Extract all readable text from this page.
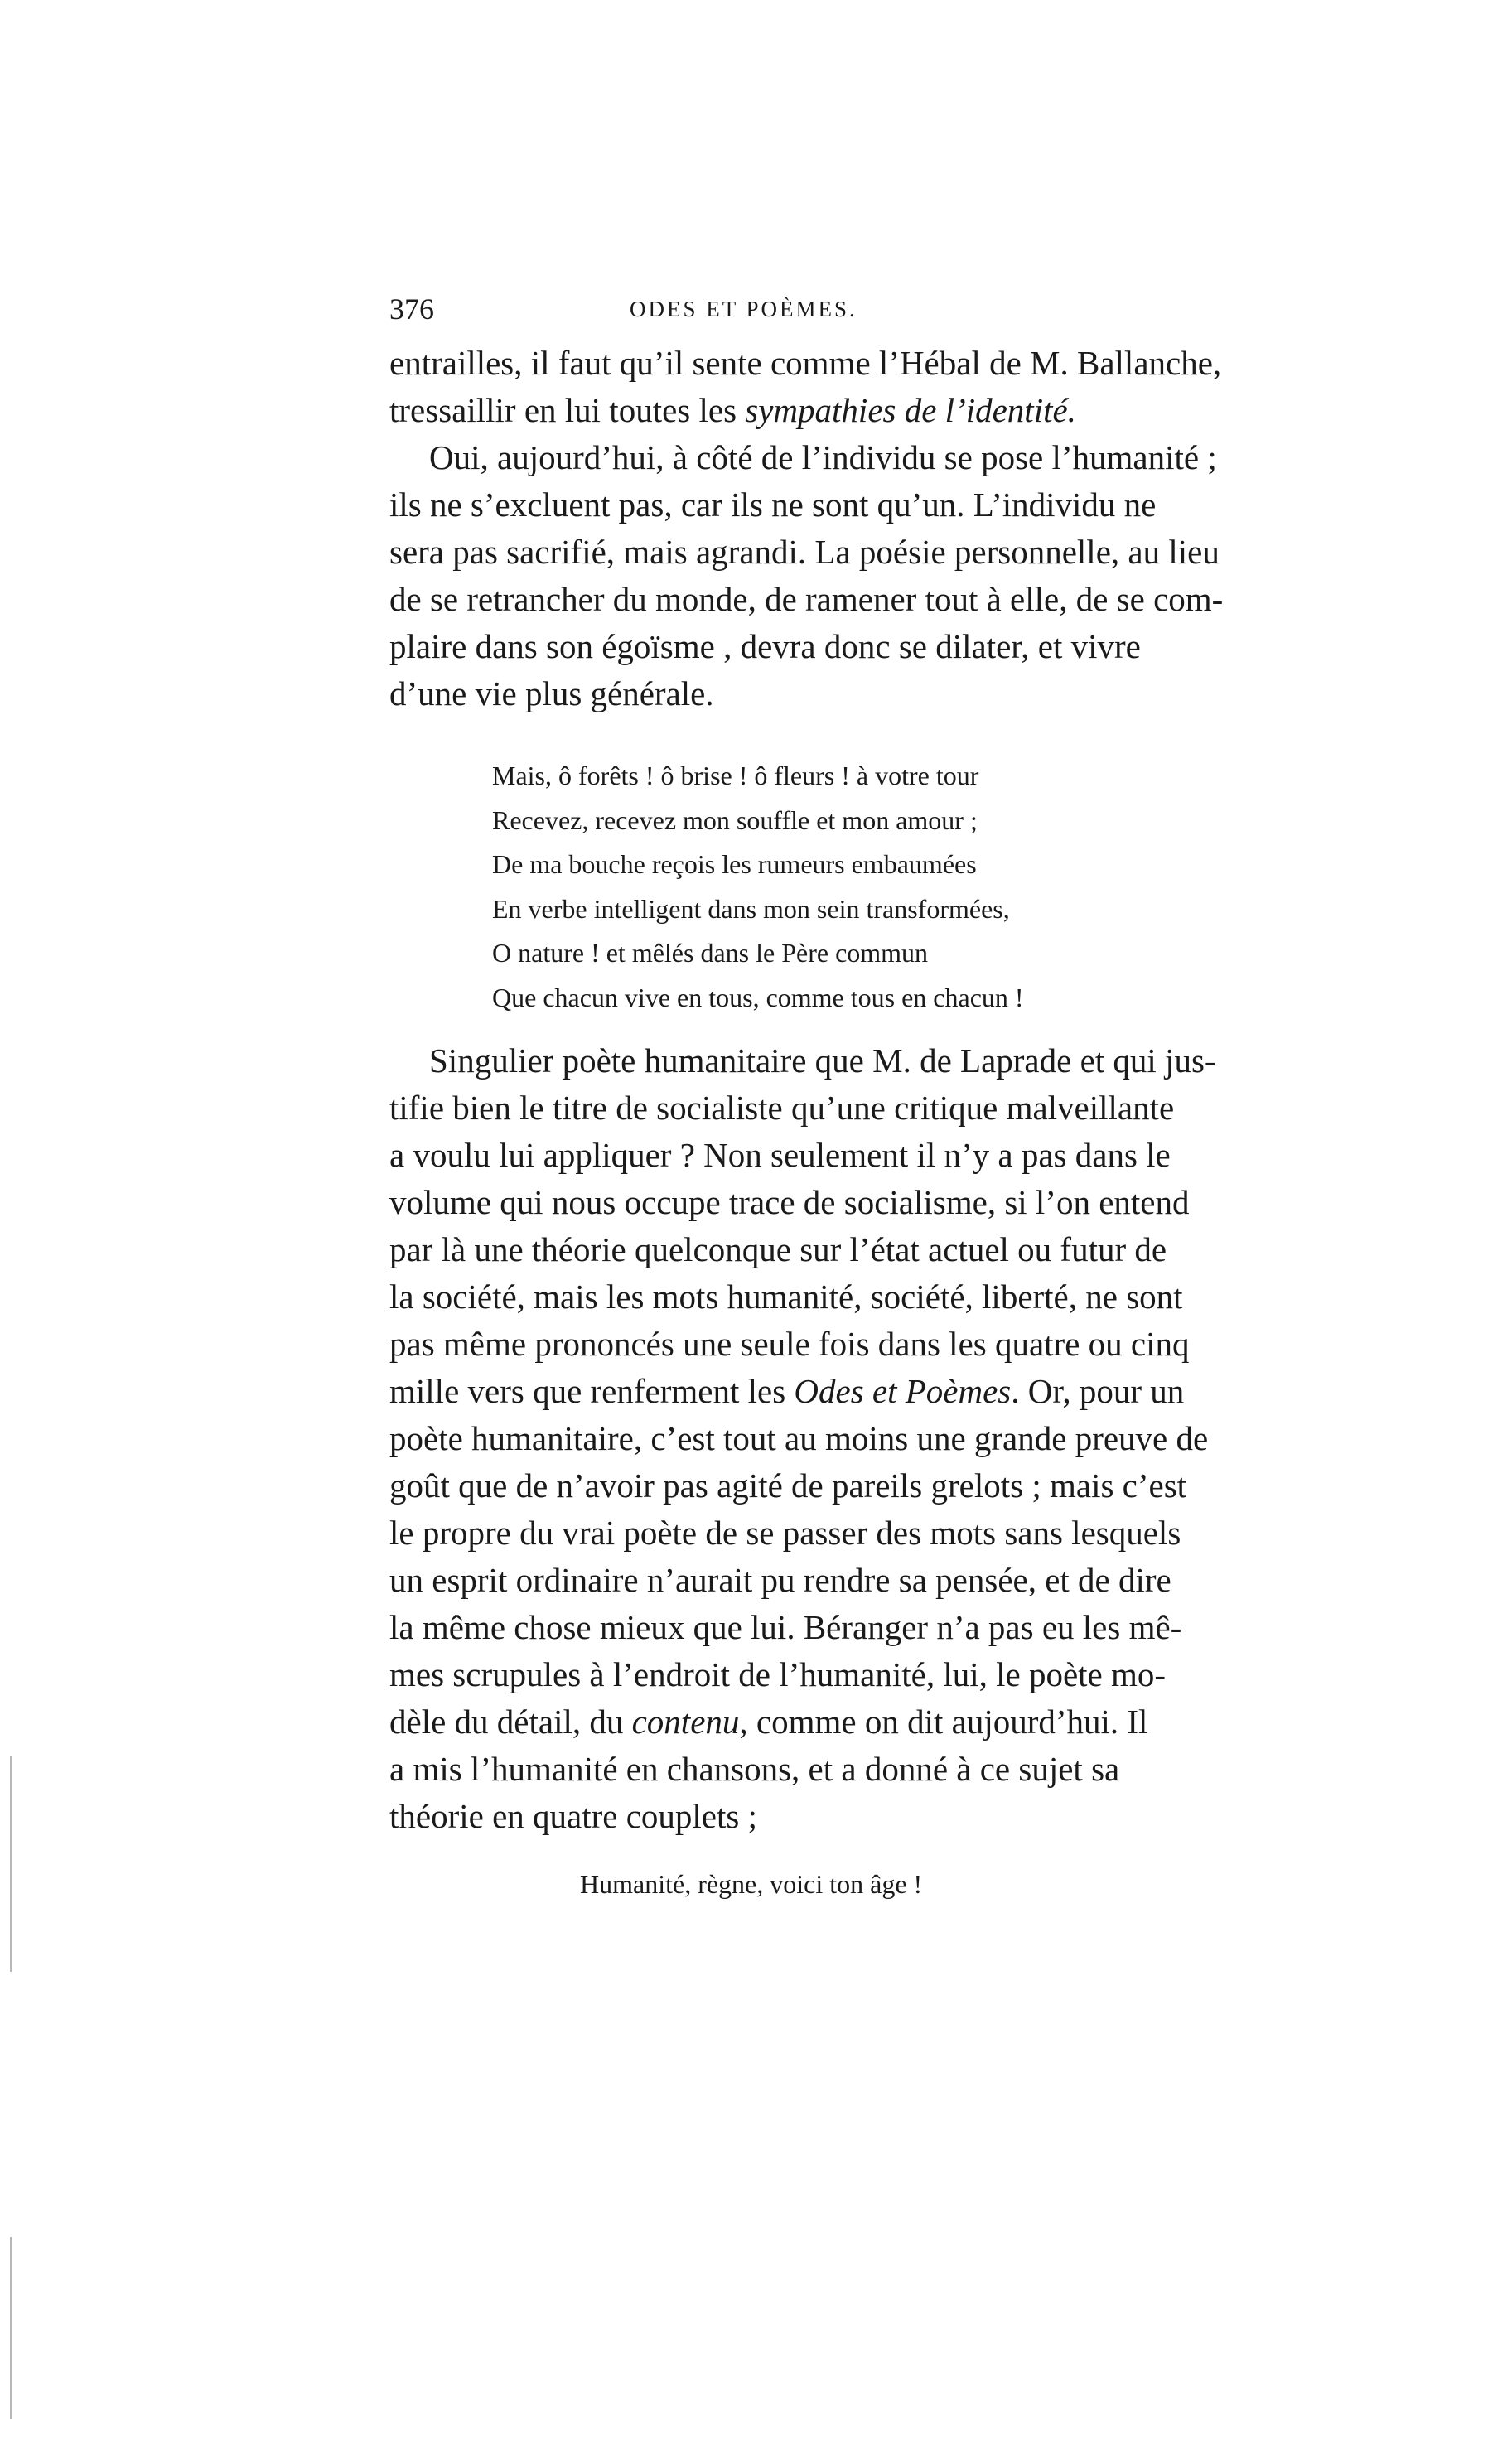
376	ODES ET POÈMES.
entrailles, il faut qu’il sente comme l’Hébal de M. Ballanche,
tressaillir en lui toutes les sympathies de l’identité.
Oui, aujourd’hui, à côté de l’individu se pose l’humanité ;
ils ne s’excluent pas, car ils ne sont qu’un. L’individu ne
sera pas sacrifié, mais agrandi. La poésie personnelle, au lieu
de se retrancher du monde, de ramener tout à elle, de se com-
plaire dans son égoïsme , devra donc se dilater, et vivre
d’une vie plus générale.
Mais, ô forêts ! ô brise ! ô fleurs ! à votre tour
Recevez, recevez mon souffle et mon amour ;
De ma bouche reçois les rumeurs embaumées
En verbe intelligent dans mon sein transformées,
O nature ! et mêlés dans le Père commun
Que chacun vive en tous, comme tous en chacun !
Singulier poète humanitaire que M. de Laprade et qui jus-
tifie bien le titre de socialiste qu’une critique malveillante
a voulu lui appliquer ? Non seulement il n’y a pas dans le
volume qui nous occupe trace de socialisme, si l’on entend
par là une théorie quelconque sur l’état actuel ou futur de
la société, mais les mots humanité, société, liberté, ne sont
pas même prononcés une seule fois dans les quatre ou cinq
mille vers que renferment les Odes et Poèmes. Or, pour un
poète humanitaire, c’est tout au moins une grande preuve de
goût que de n’avoir pas agité de pareils grelots ; mais c’est
le propre du vrai poète de se passer des mots sans lesquels
un esprit ordinaire n’aurait pu rendre sa pensée, et de dire
la même chose mieux que lui. Béranger n’a pas eu les mê-
mes scrupules à l’endroit de l’humanité, lui, le poète mo-
dèle du détail, du contenu, comme on dit aujourd’hui. Il
a mis l’humanité en chansons, et a donné à ce sujet sa
théorie en quatre couplets ;
Humanité, règne, voici ton âge !
